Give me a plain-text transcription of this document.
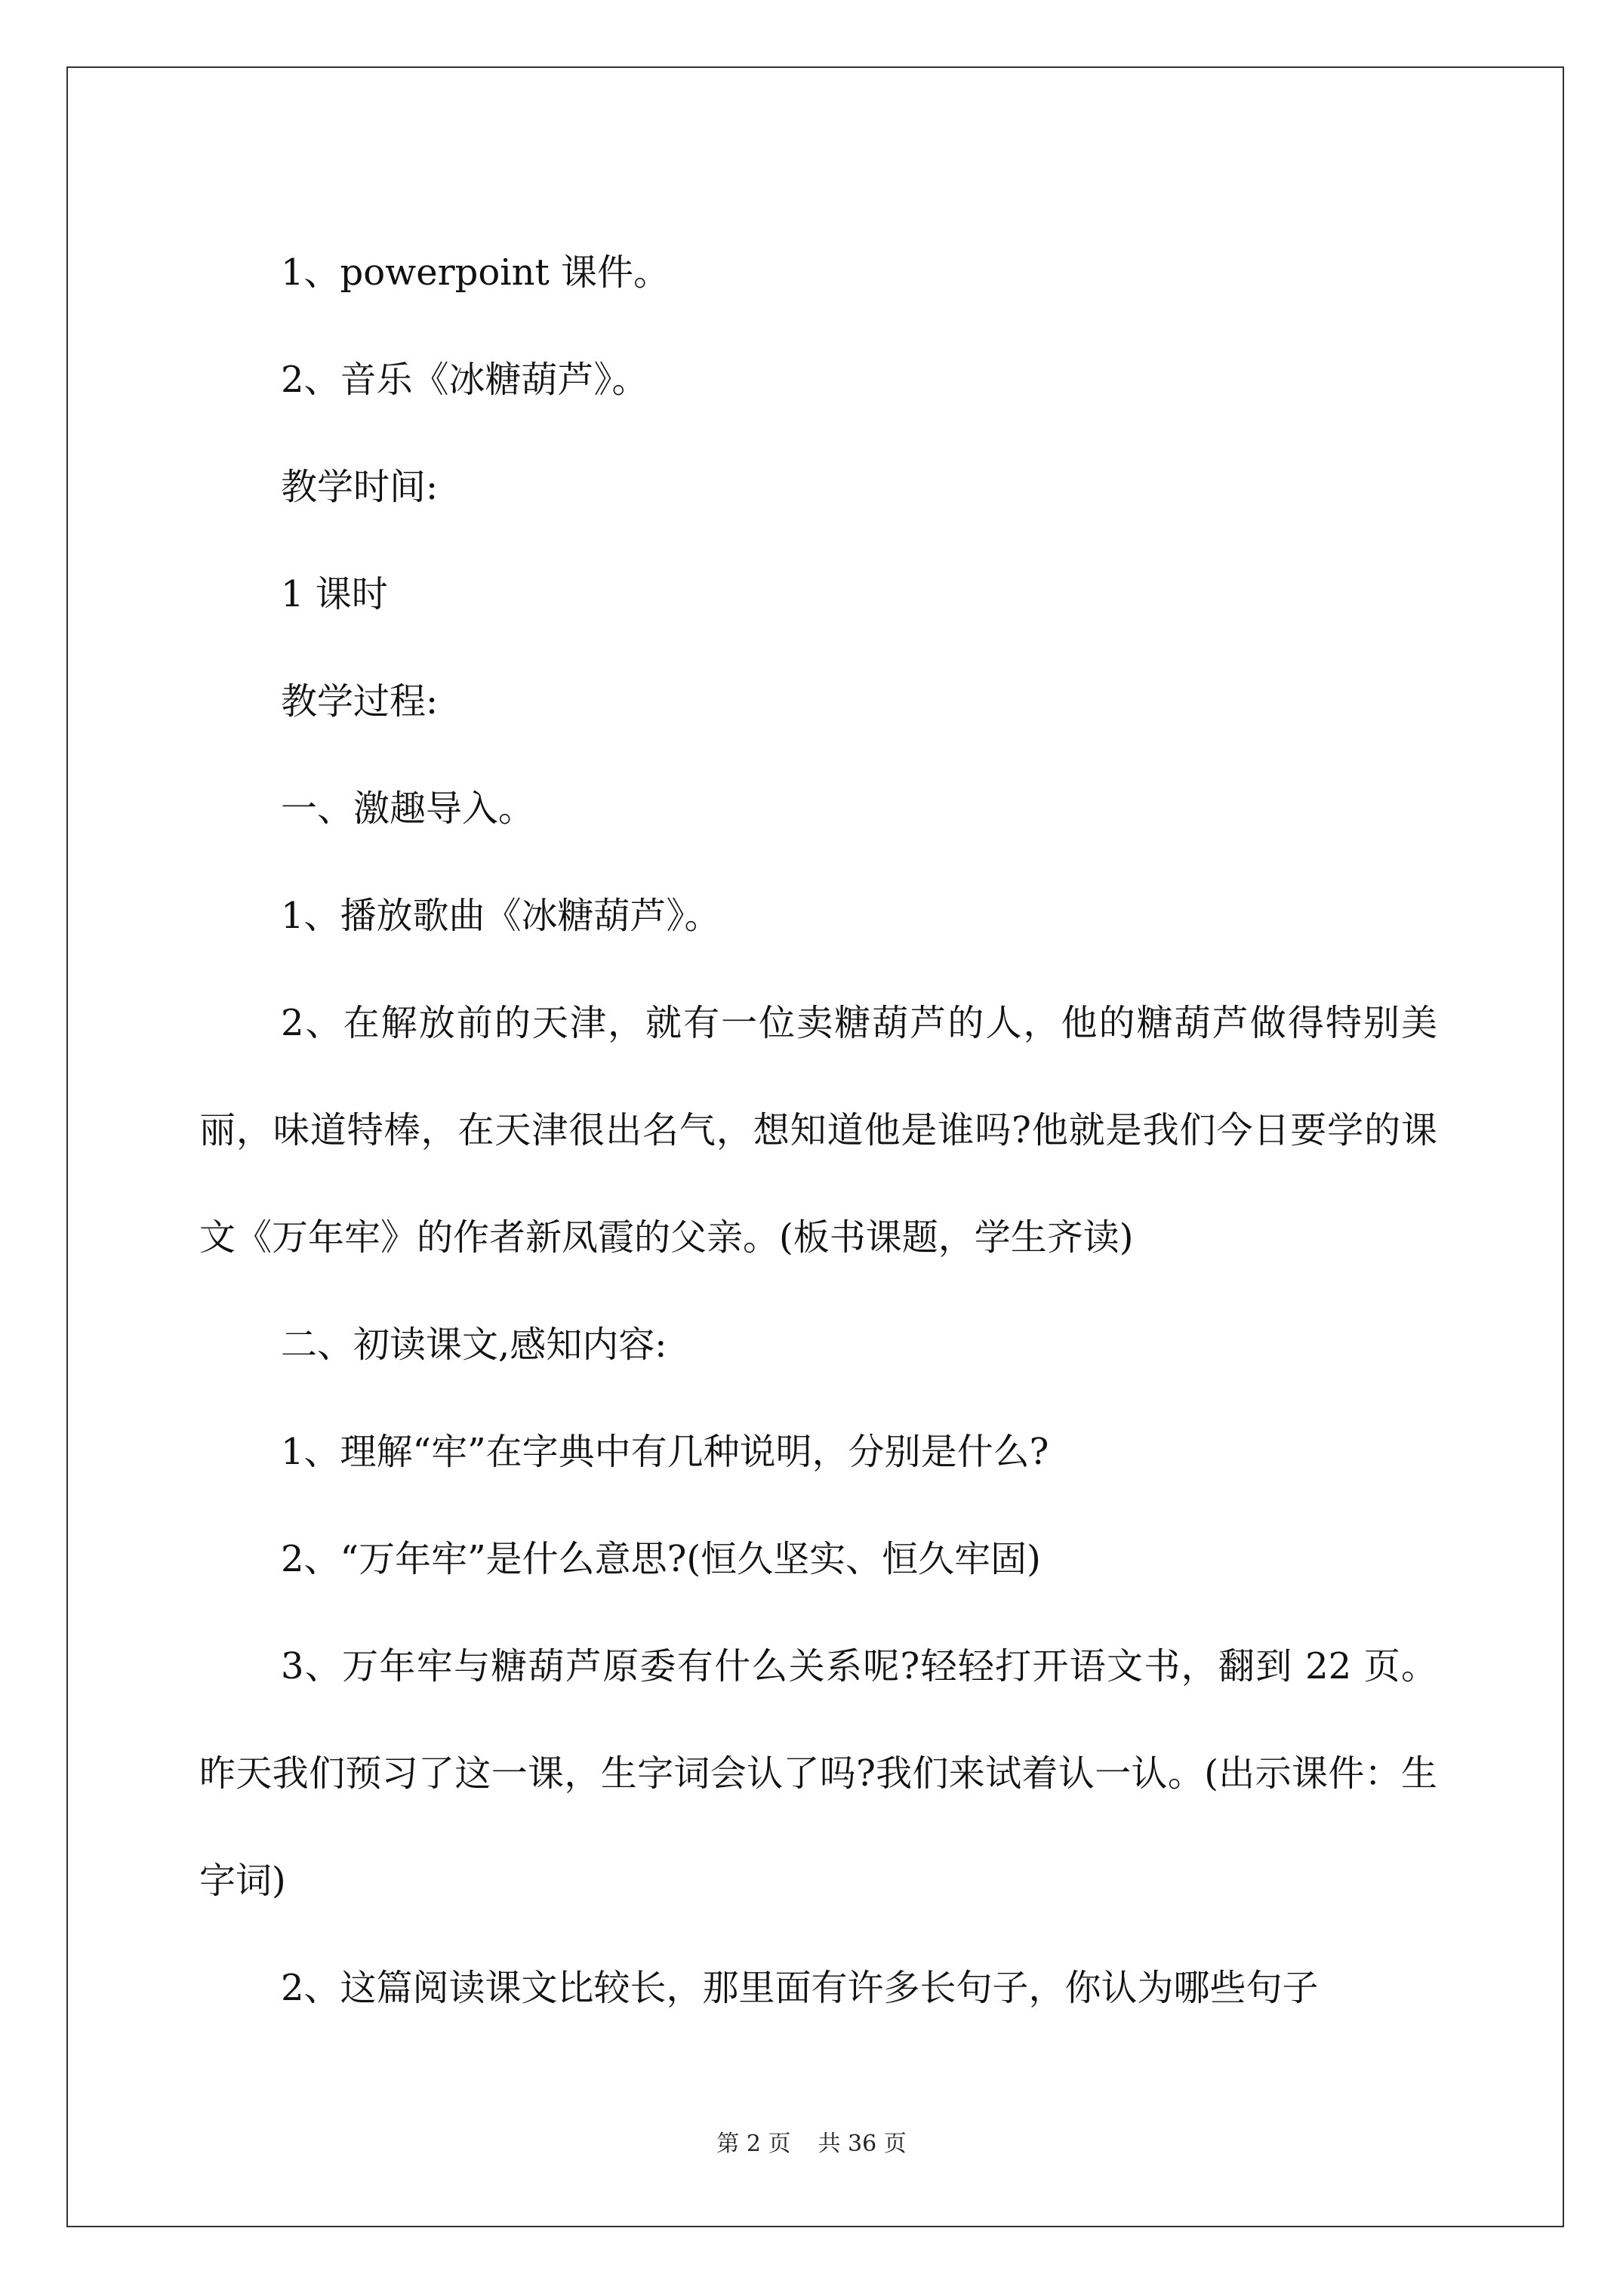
1、powerpoint 课件。

2、音乐《冰糖葫芦》。

教学时间:

1 课时

教学过程:

一、激趣导入。

1、播放歌曲《冰糖葫芦》。

2、在解放前的天津，就有一位卖糖葫芦的人，他的糖葫芦做得特别美丽，味道特棒，在天津很出名气，想知道他是谁吗?他就是我们今日要学的课文《万年牢》的作者新凤霞的父亲。(板书课题，学生齐读)

二、初读课文,感知内容:

1、理解“牢”在字典中有几种说明，分别是什么?

2、“万年牢”是什么意思?(恒久坚实、恒久牢固)

3、万年牢与糖葫芦原委有什么关系呢?轻轻打开语文书，翻到 22 页。昨天我们预习了这一课，生字词会认了吗?我们来试着认一认。(出示课件：生字词)

2、这篇阅读课文比较长，那里面有许多长句子，你认为哪些句子

第 2 页 共 36 页
